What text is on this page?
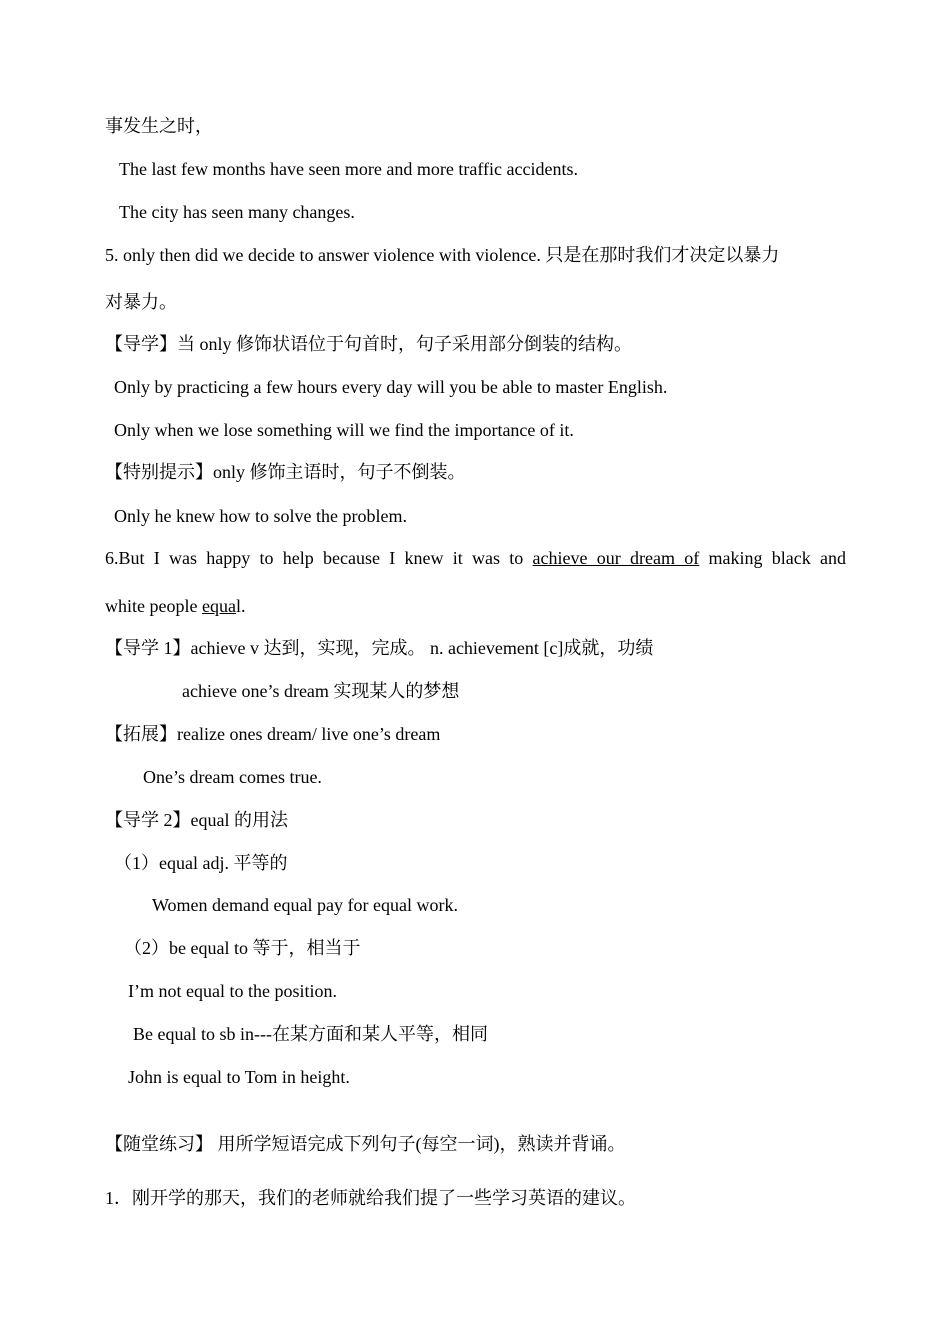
事发生之时，
The last few months have seen more and more traffic accidents.
The city has seen many changes.
5. only then did we decide to answer violence with violence. 只是在那时我们才决定以暴力
对暴力。
【导学】当 only 修饰状语位于句首时，句子采用部分倒装的结构。
Only by practicing a few hours every day will you be able to master English.
Only when we lose something will we find the importance of it.
【特别提示】only 修饰主语时，句子不倒装。
Only he knew how to solve the problem.
6.But I was happy to help because I knew it was to achieve our dream of making black and
white people equal.
【导学 1】achieve v 达到，实现，完成。 n. achievement [c]成就，功绩
achieve one’s dream 实现某人的梦想
【拓展】realize ones dream/ live one’s dream
One’s dream comes true.
【导学 2】equal 的用法
（1）equal adj. 平等的
Women demand equal pay for equal work.
（2）be equal to 等于，相当于
I’m not equal to the position.
Be equal to sb in---在某方面和某人平等，相同
John is equal to Tom in height.
【随堂练习】 用所学短语完成下列句子(每空一词)，熟读并背诵。
1．刚开学的那天，我们的老师就给我们提了一些学习英语的建议。
